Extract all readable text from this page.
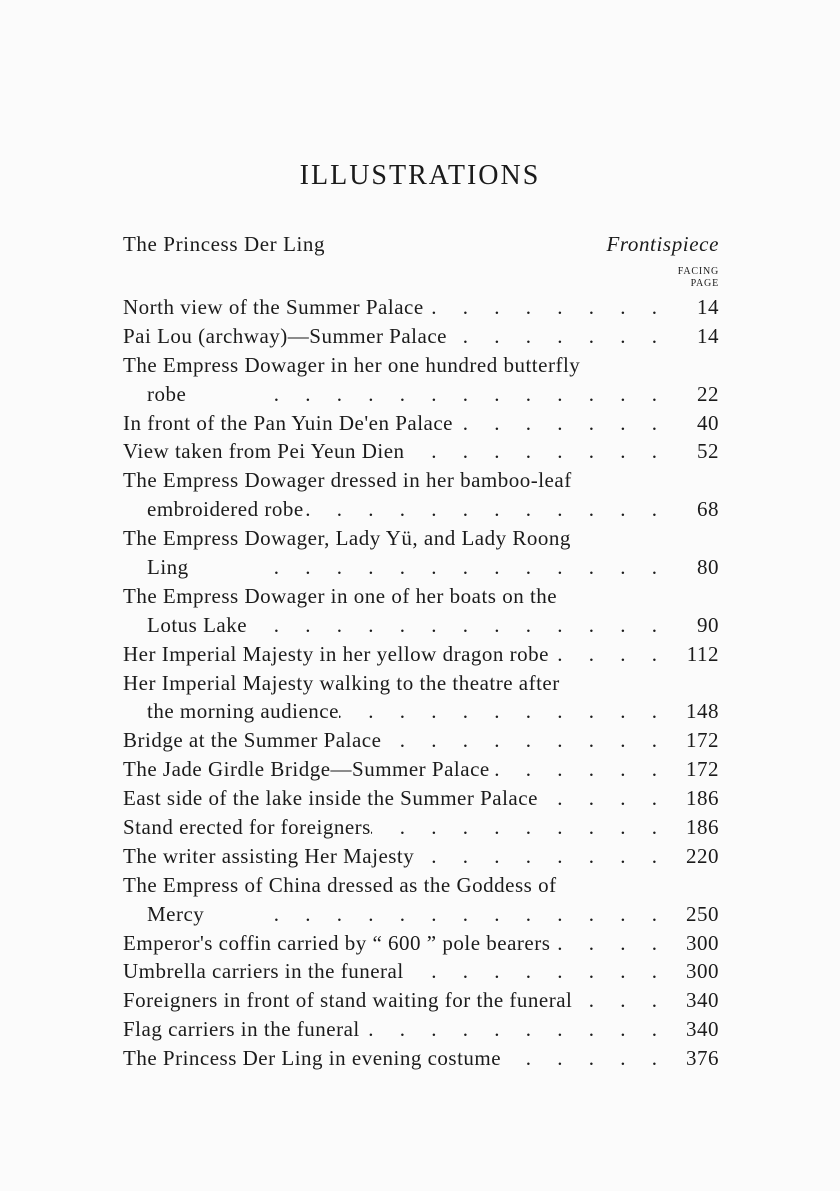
ILLUSTRATIONS
The Princess Der Ling	Frontispiece
FACING
PAGE
North view of the Summer Palace .	14
Pai Lou (archway)—Summer Palace .	14
The Empress Dowager in her one hundred butterfly
robe .	22
In front of the Pan Yuin De'en Palace .	40
View taken from Pei Yeun Dien .	52
The Empress Dowager dressed in her bamboo-leaf
embroidered robe .	68
The Empress Dowager, Lady Yü, and Lady Roong
Ling .	80
The Empress Dowager in one of her boats on the
Lotus Lake .	90
Her Imperial Majesty in her yellow dragon robe .	112
Her Imperial Majesty walking to the theatre after
the morning audience .	148
Bridge at the Summer Palace .	172
The Jade Girdle Bridge—Summer Palace .	172
East side of the lake inside the Summer Palace .	186
Stand erected for foreigners .	186
The writer assisting Her Majesty .	220
The Empress of China dressed as the Goddess of
Mercy .	250
Emperor's coffin carried by “ 600 ” pole bearers .	300
Umbrella carriers in the funeral .	300
Foreigners in front of stand waiting for the funeral .	340
Flag carriers in the funeral .	340
The Princess Der Ling in evening costume .	376
